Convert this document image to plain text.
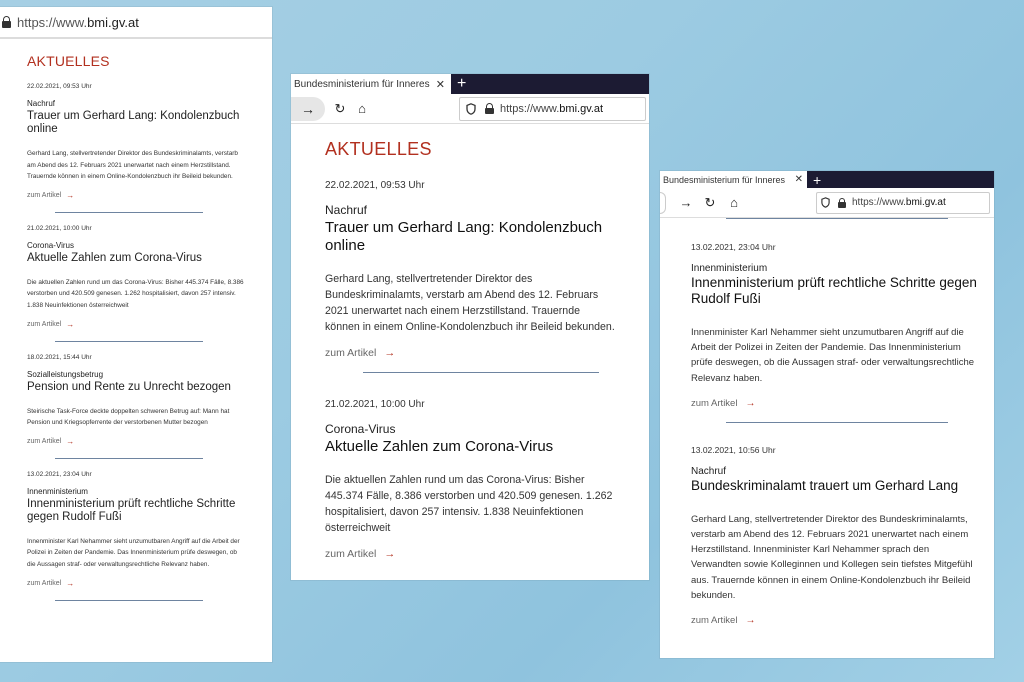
https://www.bmi.gv.at
AKTUELLES
22.02.2021, 09:53 Uhr
Nachruf
Trauer um Gerhard Lang: Kondolenzbuch online
Gerhard Lang, stellvertretender Direktor des Bundeskriminalamts, verstarb am Abend des 12. Februars 2021 unerwartet nach einem Herzstillstand. Trauernde können in einem Online-Kondolenzbuch ihr Beileid bekunden.
zum Artikel →
21.02.2021, 10:00 Uhr
Corona-Virus
Aktuelle Zahlen zum Corona-Virus
Die aktuellen Zahlen rund um das Corona-Virus: Bisher 445.374 Fälle, 8.386 verstorben und 420.509 genesen. 1.262 hospitalisiert, davon 257 intensiv. 1.838 Neuinfektionen österreichweit
zum Artikel →
18.02.2021, 15:44 Uhr
Sozialleistungsbetrug
Pension und Rente zu Unrecht bezogen
Steirische Task-Force deckte doppelten schweren Betrug auf: Mann hat Pension und Kriegsopferrente der verstorbenen Mutter bezogen
zum Artikel →
13.02.2021, 23:04 Uhr
Innenministerium
Innenministerium prüft rechtliche Schritte gegen Rudolf Fußi
Innenminister Karl Nehammer sieht unzumutbaren Angriff auf die Arbeit der Polizei in Zeiten der Pandemie. Das Innenministerium prüfe deswegen, ob die Aussagen straf- oder verwaltungsrechtliche Relevanz haben.
zum Artikel →
Bundesministerium für Inneres ✕ +
→	↻ ⌂	https://www.bmi.gv.at
AKTUELLES
22.02.2021, 09:53 Uhr
Nachruf
Trauer um Gerhard Lang: Kondolenzbuch online
Gerhard Lang, stellvertretender Direktor des Bundeskriminalamts, verstarb am Abend des 12. Februars 2021 unerwartet nach einem Herzstillstand. Trauernde können in einem Online-Kondolenzbuch ihr Beileid bekunden.
zum Artikel →
21.02.2021, 10:00 Uhr
Corona-Virus
Aktuelle Zahlen zum Corona-Virus
Die aktuellen Zahlen rund um das Corona-Virus: Bisher 445.374 Fälle, 8.386 verstorben und 420.509 genesen. 1.262 hospitalisiert, davon 257 intensiv. 1.838 Neuinfektionen österreichweit
zum Artikel →
Bundesministerium für Inneres ✕ +
→ ↻	⌂	https://www.bmi.gv.at
13.02.2021, 23:04 Uhr
Innenministerium
Innenministerium prüft rechtliche Schritte gegen Rudolf Fußi
Innenminister Karl Nehammer sieht unzumutbaren Angriff auf die Arbeit der Polizei in Zeiten der Pandemie. Das Innenministerium prüfe deswegen, ob die Aussagen straf- oder verwaltungsrechtliche Relevanz haben.
zum Artikel →
13.02.2021, 10:56 Uhr
Nachruf
Bundeskriminalamt trauert um Gerhard Lang
Gerhard Lang, stellvertretender Direktor des Bundeskriminalamts, verstarb am Abend des 12. Februars 2021 unerwartet nach einem Herzstillstand. Innenminister Karl Nehammer sprach den Verwandten sowie Kolleginnen und Kollegen sein tiefstes Mitgefühl aus. Trauernde können in einem Online-Kondolenzbuch ihr Beileid bekunden.
zum Artikel →
